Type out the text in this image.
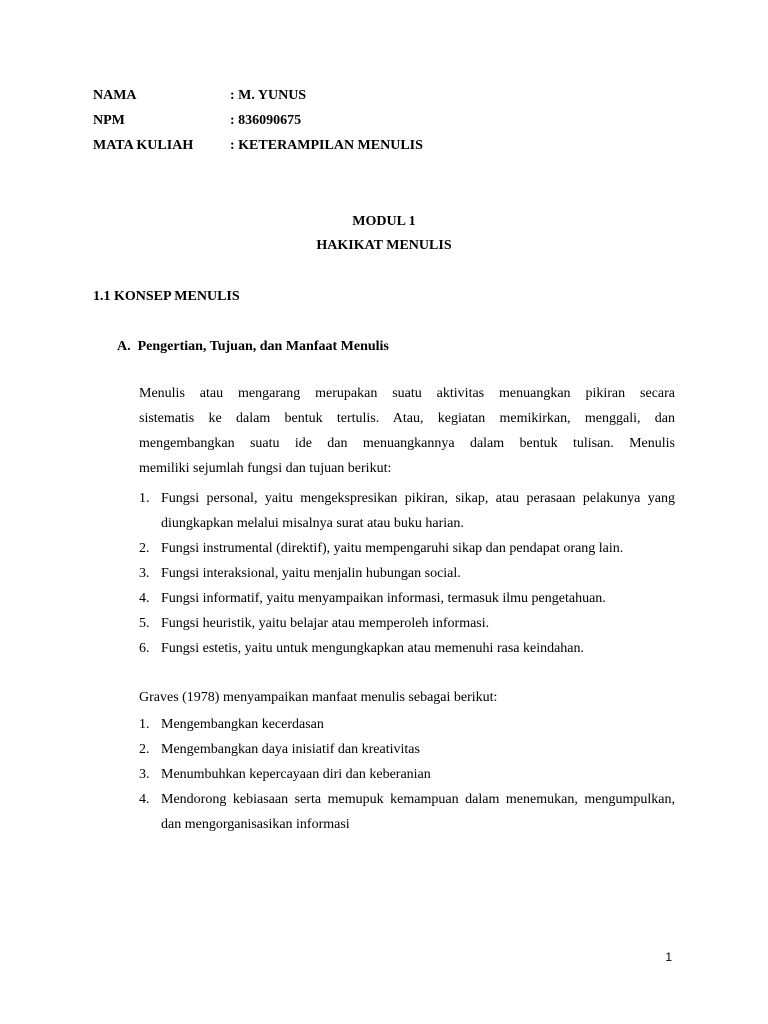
NAMA	: M. YUNUS
NPM	: 836090675
MATA KULIAH	: KETERAMPILAN MENULIS
MODUL 1
HAKIKAT MENULIS
1.1 KONSEP MENULIS
A.  Pengertian, Tujuan, dan Manfaat Menulis

Menulis atau mengarang merupakan suatu aktivitas menuangkan pikiran secara

sistematis ke dalam bentuk tertulis. Atau, kegiatan memikirkan, menggali, dan

mengembangkan suatu ide dan menuangkannya dalam bentuk tulisan. Menulis

memiliki sejumlah fungsi dan tujuan berikut:

1. Fungsi personal, yaitu mengekspresikan pikiran, sikap, atau perasaan pelakunya yang diungkapkan melalui misalnya surat atau buku harian.
2. Fungsi instrumental (direktif), yaitu mempengaruhi sikap dan pendapat orang lain.
3. Fungsi interaksional, yaitu menjalin hubungan social.
4. Fungsi informatif, yaitu menyampaikan informasi, termasuk ilmu pengetahuan.
5. Fungsi heuristik, yaitu belajar atau memperoleh informasi.
6. Fungsi estetis, yaitu untuk mengungkapkan atau memenuhi rasa keindahan.
Graves (1978) menyampaikan manfaat menulis sebagai berikut:
1. Mengembangkan kecerdasan
2. Mengembangkan daya inisiatif dan kreativitas
3. Menumbuhkan kepercayaan diri dan keberanian
4. Mendorong kebiasaan serta memupuk kemampuan dalam menemukan, mengumpulkan, dan mengorganisasikan informasi
1
